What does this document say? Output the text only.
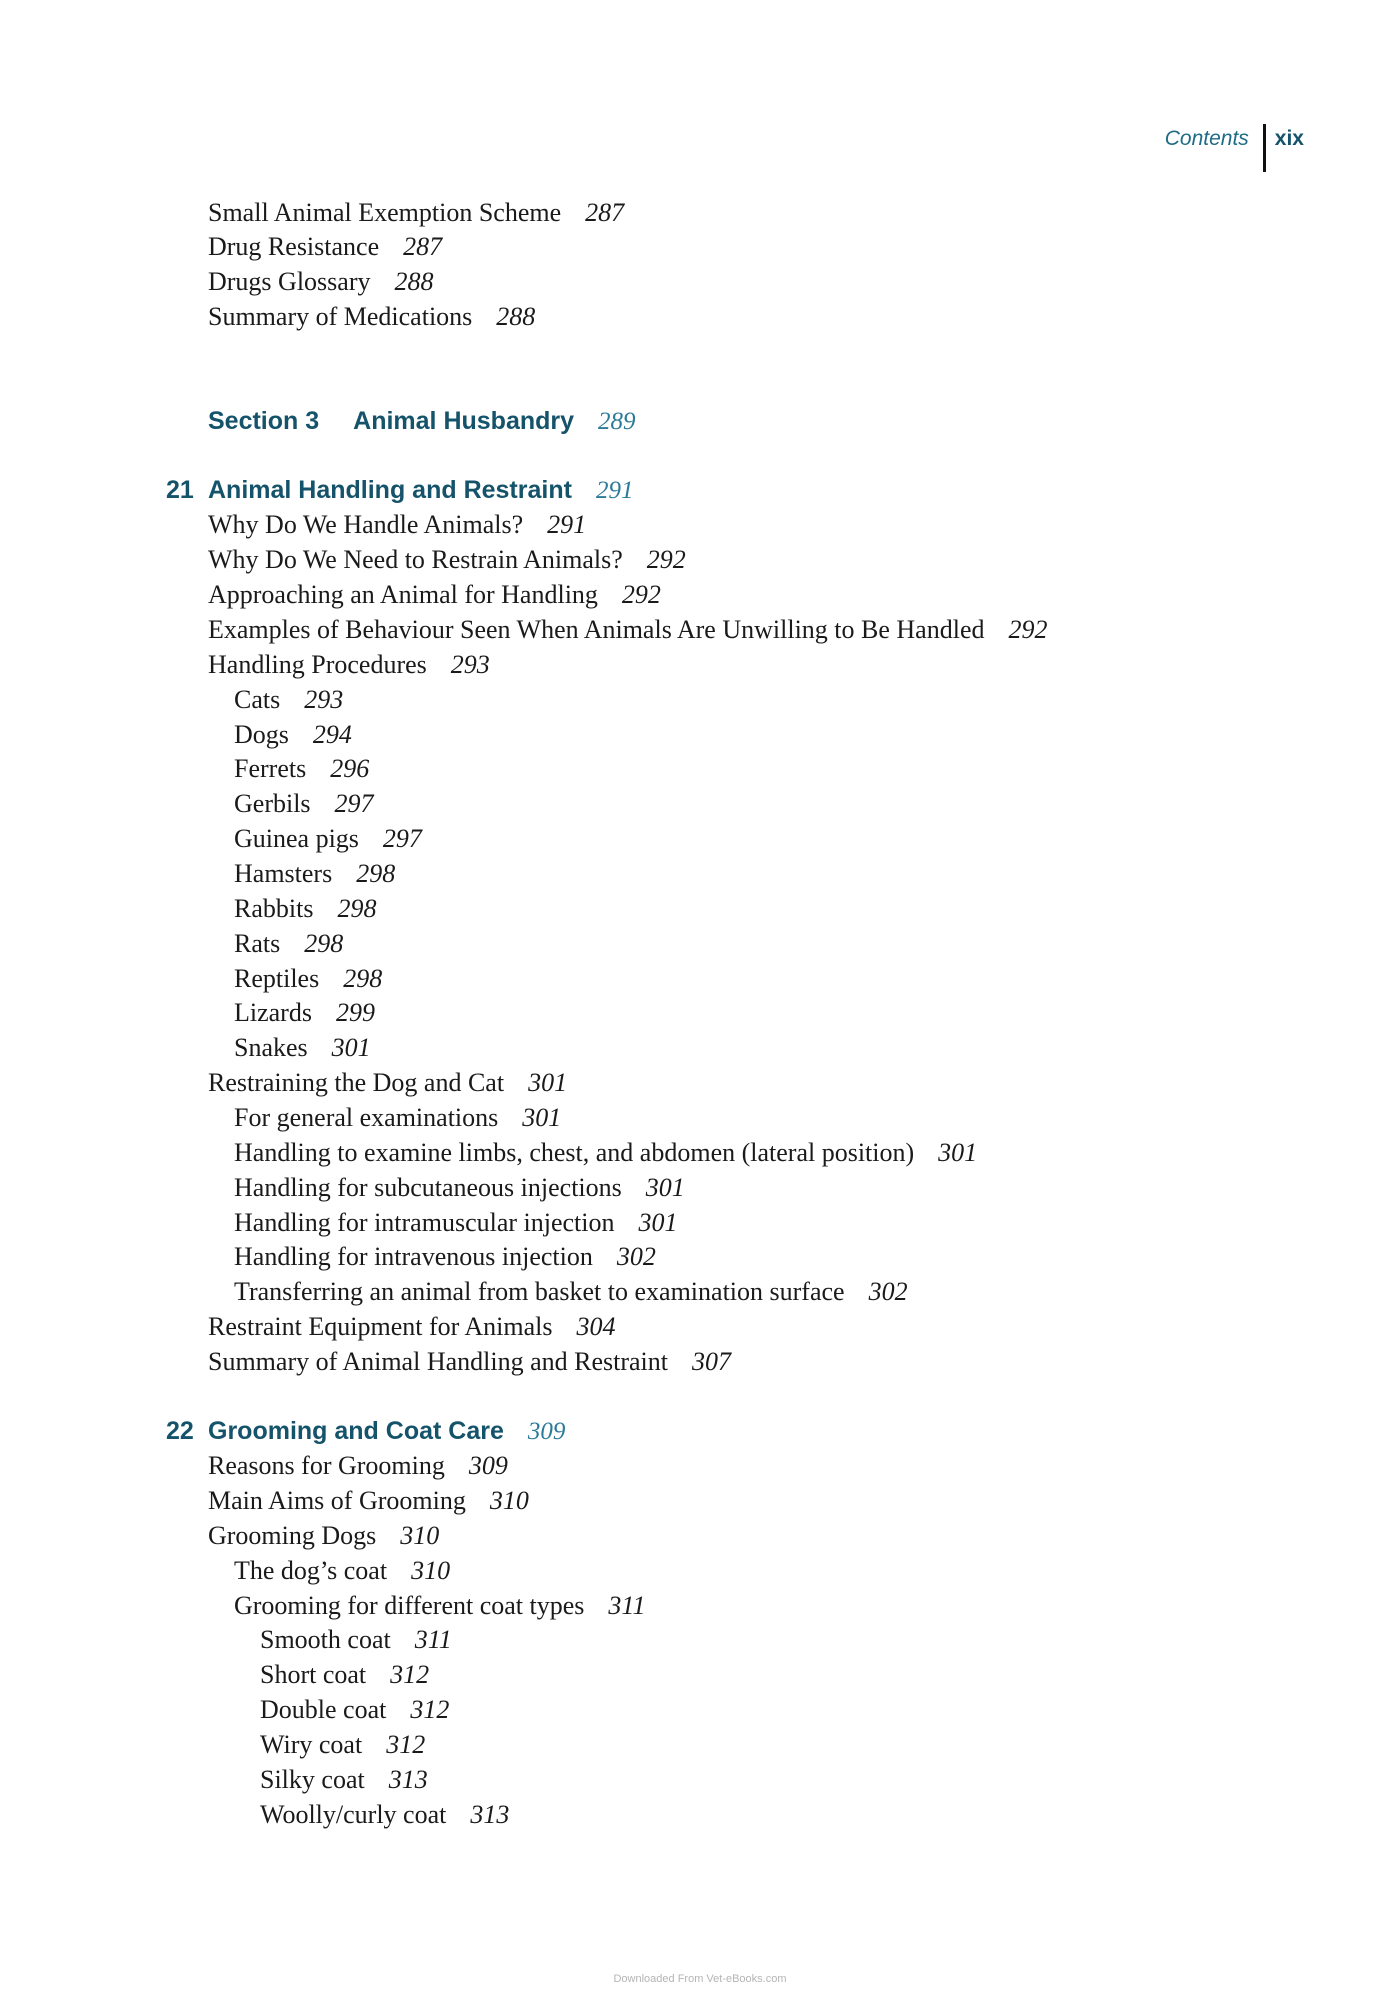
Contents	xix
Small Animal Exemption Scheme 287
Drug Resistance 287
Drugs Glossary 288
Summary of Medications 288
Section 3 Animal Husbandry 289
21 Animal Handling and Restraint 291
Why Do We Handle Animals? 291
Why Do We Need to Restrain Animals? 292
Approaching an Animal for Handling 292
Examples of Behaviour Seen When Animals Are Unwilling to Be Handled 292
Handling Procedures 293
Cats 293
Dogs 294
Ferrets 296
Gerbils 297
Guinea pigs 297
Hamsters 298
Rabbits 298
Rats 298
Reptiles 298
Lizards 299
Snakes 301
Restraining the Dog and Cat 301
For general examinations 301
Handling to examine limbs, chest, and abdomen (lateral position) 301
Handling for subcutaneous injections 301
Handling for intramuscular injection 301
Handling for intravenous injection 302
Transferring an animal from basket to examination surface 302
Restraint Equipment for Animals 304
Summary of Animal Handling and Restraint 307
22 Grooming and Coat Care 309
Reasons for Grooming 309
Main Aims of Grooming 310
Grooming Dogs 310
The dog’s coat 310
Grooming for different coat types 311
Smooth coat 311
Short coat 312
Double coat 312
Wiry coat 312
Silky coat 313
Woolly/curly coat 313
Downloaded From Vet-eBooks.com
